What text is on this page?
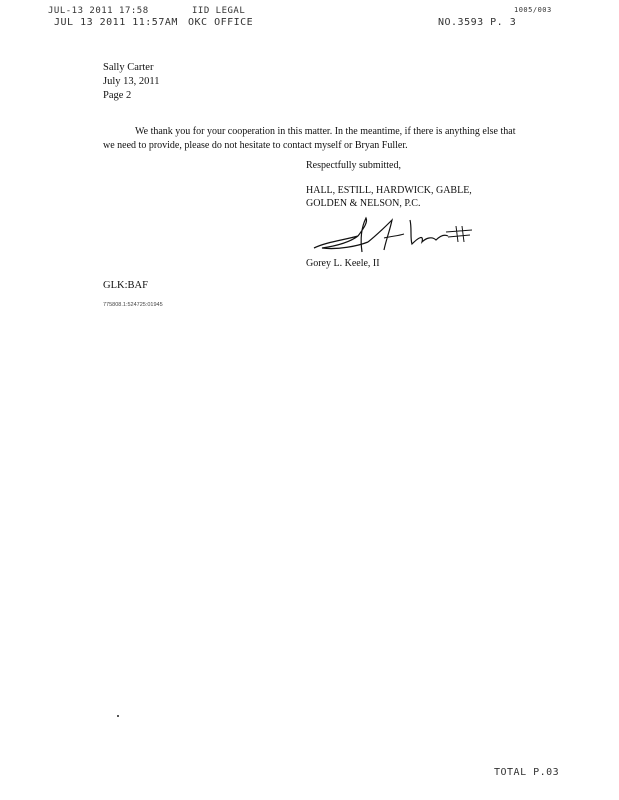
JUL-13 2011 17:58	IID LEGAL	1005/003
JUL 13 2011 11:57AM OKC OFFICE	NO.3593 P. 3
Sally Carter
July 13, 2011
Page 2
We thank you for your cooperation in this matter. In the meantime, if there is anything else that we need to provide, please do not hesitate to contact myself or Bryan Fuller.
Respectfully submitted,
HALL, ESTILL, HARDWICK, GABLE,
GOLDEN & NELSON, P.C.
Gorey L. Keele, II
GLK:BAF
775808.1:524725:01945
TOTAL P.03
